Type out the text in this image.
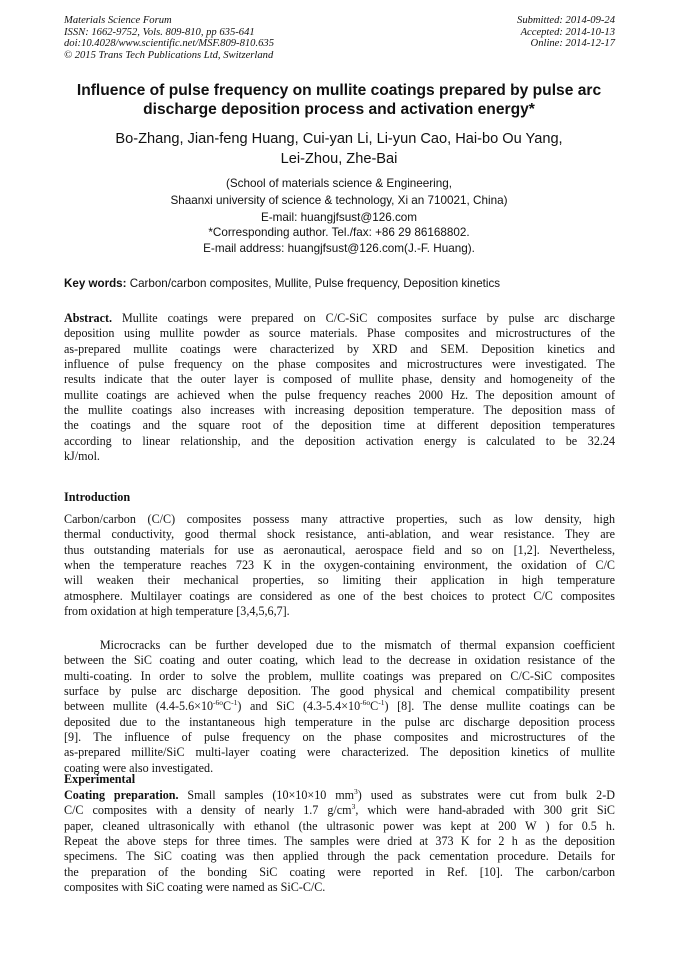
Materials Science Forum
ISSN: 1662-9752, Vols. 809-810, pp 635-641
doi:10.4028/www.scientific.net/MSF.809-810.635
© 2015 Trans Tech Publications Ltd, Switzerland
Submitted: 2014-09-24
Accepted: 2014-10-13
Online: 2014-12-17
Influence of pulse frequency on mullite coatings prepared by pulse arc
discharge deposition process and activation energy*
Bo-Zhang, Jian-feng Huang, Cui-yan Li, Li-yun Cao, Hai-bo Ou Yang,
Lei-Zhou, Zhe-Bai
(School of materials science & Engineering,
Shaanxi university of science & technology, Xi an 710021, China)
E-mail: huangjfsust@126.com
*Corresponding author. Tel./fax: +86 29 86168802.
E-mail address: huangjfsust@126.com(J.-F. Huang).
Key words: Carbon/carbon composites, Mullite, Pulse frequency, Deposition kinetics
Abstract. Mullite coatings were prepared on C/C-SiC composites surface by pulse arc discharge
deposition using mullite powder as source materials. Phase composites and microstructures of the
as-prepared mullite coatings were characterized by XRD and SEM. Deposition kinetics and
influence of pulse frequency on the phase composites and microstructures were investigated. The
results indicate that the outer layer is composed of mullite phase, density and homogeneity of the
mullite coatings are achieved when the pulse frequency reaches 2000 Hz. The deposition amount of
the mullite coatings also increases with increasing deposition temperature. The deposition mass of
the coatings and the square root of the deposition time at different deposition temperatures
according to linear relationship, and the deposition activation energy is calculated to be 32.24
kJ/mol.
Introduction
Carbon/carbon (C/C) composites possess many attractive properties, such as low density, high
thermal conductivity, good thermal shock resistance, anti-ablation, and wear resistance. They are
thus outstanding materials for use as aeronautical, aerospace field and so on [1,2]. Nevertheless,
when the temperature reaches 723 K in the oxygen-containing environment, the oxidation of C/C
will weaken their mechanical properties, so limiting their application in high temperature
atmosphere. Multilayer coatings are considered as one of the best choices to protect C/C composites
from oxidation at high temperature [3,4,5,6,7].
Microcracks can be further developed due to the mismatch of thermal expansion coefficient
between the SiC coating and outer coating, which lead to the decrease in oxidation resistance of the
multi-coating. In order to solve the problem, mullite coatings was prepared on C/C-SiC composites
surface by pulse arc discharge deposition. The good physical and chemical compatibility present
between mullite $(4.4-5.6\times 10^{-6o}C^{-1})$ and SiC $(4.3-5.4\times 10^{-6o}C^{-1})$ [8]. The dense mullite coatings can be
deposited due to the instantaneous high temperature in the pulse arc discharge deposition process
[9]. The influence of pulse frequency on the phase composites and microstructures of the
as-prepared millite/SiC multi-layer coating were characterized. The deposition kinetics of mullite
coating were also investigated.
Experimental
Coating preparation. Small samples (10×10×10 $mm^3$) used as substrates were cut from bulk 2-D
C/C composites with a density of nearly 1.7 $g/cm^3$, which were hand-abraded with 300 grit SiC
paper, cleaned ultrasonically with ethanol (the ultrasonic power was kept at 200 W ) for 0.5 h.
Repeat the above steps for three times. The samples were dried at 373 K for 2 h as the deposition
specimens. The SiC coating was then applied through the pack cementation procedure. Details for
the preparation of the bonding SiC coating were reported in Ref. [10]. The carbon/carbon
composites with SiC coating were named as SiC-C/C.
